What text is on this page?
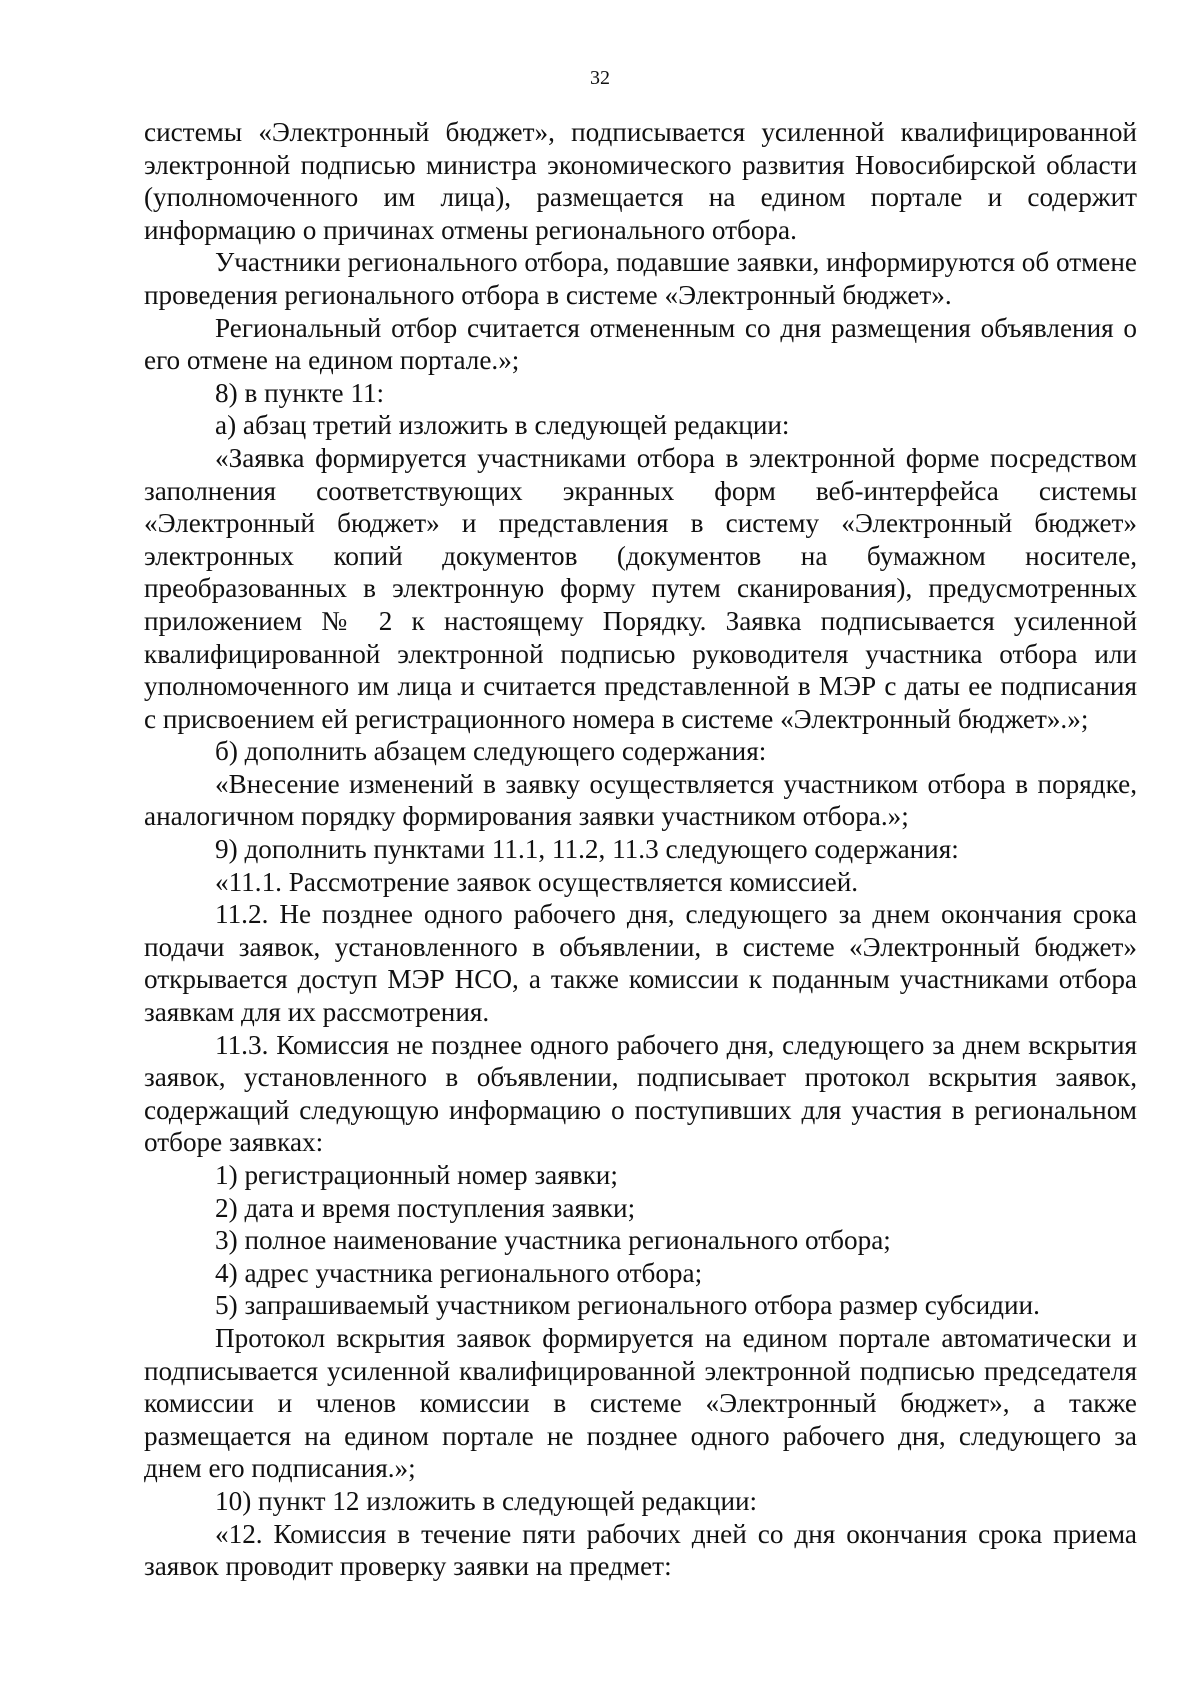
32

системы «Электронный бюджет», подписывается усиленной квалифицированной электронной подписью министра экономического развития Новосибирской области (уполномоченного им лица), размещается на едином портале и содержит информацию о причинах отмены регионального отбора.

Участники регионального отбора, подавшие заявки, информируются об отмене проведения регионального отбора в системе «Электронный бюджет».

Региональный отбор считается отмененным со дня размещения объявления о его отмене на едином портале.»;

8) в пункте 11:

а) абзац третий изложить в следующей редакции:

«Заявка формируется участниками отбора в электронной форме посредством заполнения соответствующих экранных форм веб-интерфейса системы «Электронный бюджет» и представления в систему «Электронный бюджет» электронных копий документов (документов на бумажном носителе, преобразованных в электронную форму путем сканирования), предусмотренных приложением № 2 к настоящему Порядку. Заявка подписывается усиленной квалифицированной электронной подписью руководителя участника отбора или уполномоченного им лица и считается представленной в МЭР с даты ее подписания с присвоением ей регистрационного номера в системе «Электронный бюджет».»;

б) дополнить абзацем следующего содержания:

«Внесение изменений в заявку осуществляется участником отбора в порядке, аналогичном порядку формирования заявки участником отбора.»;

9) дополнить пунктами 11.1, 11.2, 11.3 следующего содержания:

«11.1. Рассмотрение заявок осуществляется комиссией.

11.2. Не позднее одного рабочего дня, следующего за днем окончания срока подачи заявок, установленного в объявлении, в системе «Электронный бюджет» открывается доступ МЭР НСО, а также комиссии к поданным участниками отбора заявкам для их рассмотрения.

11.3. Комиссия не позднее одного рабочего дня, следующего за днем вскрытия заявок, установленного в объявлении, подписывает протокол вскрытия заявок, содержащий следующую информацию о поступивших для участия в региональном отборе заявках:

1) регистрационный номер заявки;

2) дата и время поступления заявки;

3) полное наименование участника регионального отбора;

4) адрес участника регионального отбора;

5) запрашиваемый участником регионального отбора размер субсидии.

Протокол вскрытия заявок формируется на едином портале автоматически и подписывается усиленной квалифицированной электронной подписью председателя комиссии и членов комиссии в системе «Электронный бюджет», а также размещается на едином портале не позднее одного рабочего дня, следующего за днем его подписания.»;

10) пункт 12 изложить в следующей редакции:

«12. Комиссия в течение пяти рабочих дней со дня окончания срока приема заявок проводит проверку заявки на предмет:
